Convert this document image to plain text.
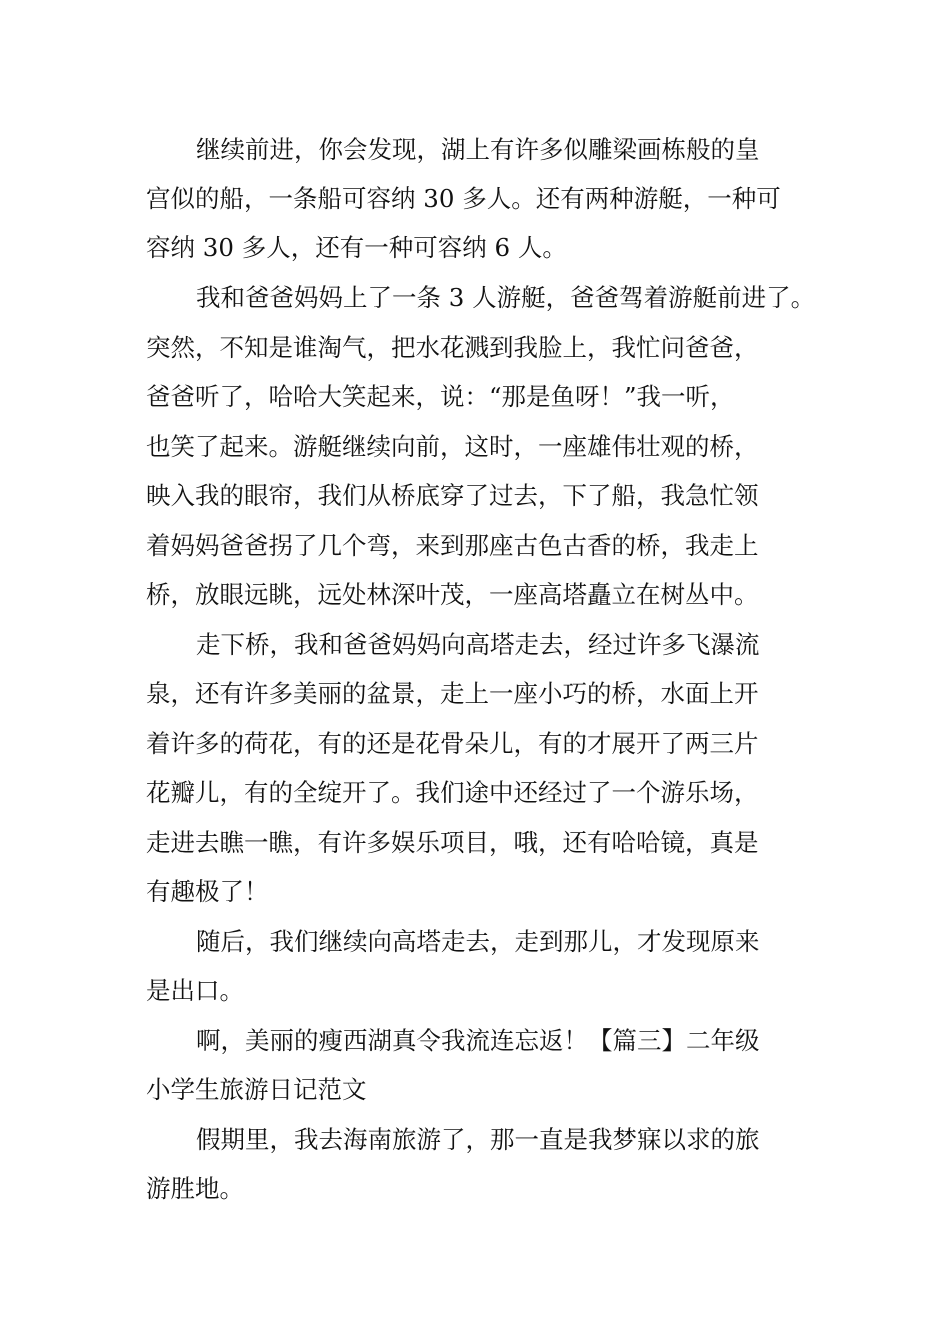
继续前进，你会发现，湖上有许多似雕梁画栋般的皇

宫似的船，一条船可容纳 30 多人。还有两种游艇，一种可

容纳 30 多人，还有一种可容纳 6 人。

我和爸爸妈妈上了一条 3 人游艇，爸爸驾着游艇前进了。

突然，不知是谁淘气，把水花溅到我脸上，我忙问爸爸，

爸爸听了，哈哈大笑起来，说：“那是鱼呀！”我一听，

也笑了起来。游艇继续向前，这时，一座雄伟壮观的桥，

映入我的眼帘，我们从桥底穿了过去，下了船，我急忙领

着妈妈爸爸拐了几个弯，来到那座古色古香的桥，我走上

桥，放眼远眺，远处林深叶茂，一座高塔矗立在树丛中。

走下桥，我和爸爸妈妈向高塔走去，经过许多飞瀑流

泉，还有许多美丽的盆景，走上一座小巧的桥，水面上开

着许多的荷花，有的还是花骨朵儿，有的才展开了两三片

花瓣儿，有的全绽开了。我们途中还经过了一个游乐场，

走进去瞧一瞧，有许多娱乐项目，哦，还有哈哈镜，真是

有趣极了！

随后，我们继续向高塔走去，走到那儿，才发现原来

是出口。

啊，美丽的瘦西湖真令我流连忘返！【篇三】二年级

小学生旅游日记范文

假期里，我去海南旅游了，那一直是我梦寐以求的旅

游胜地。
